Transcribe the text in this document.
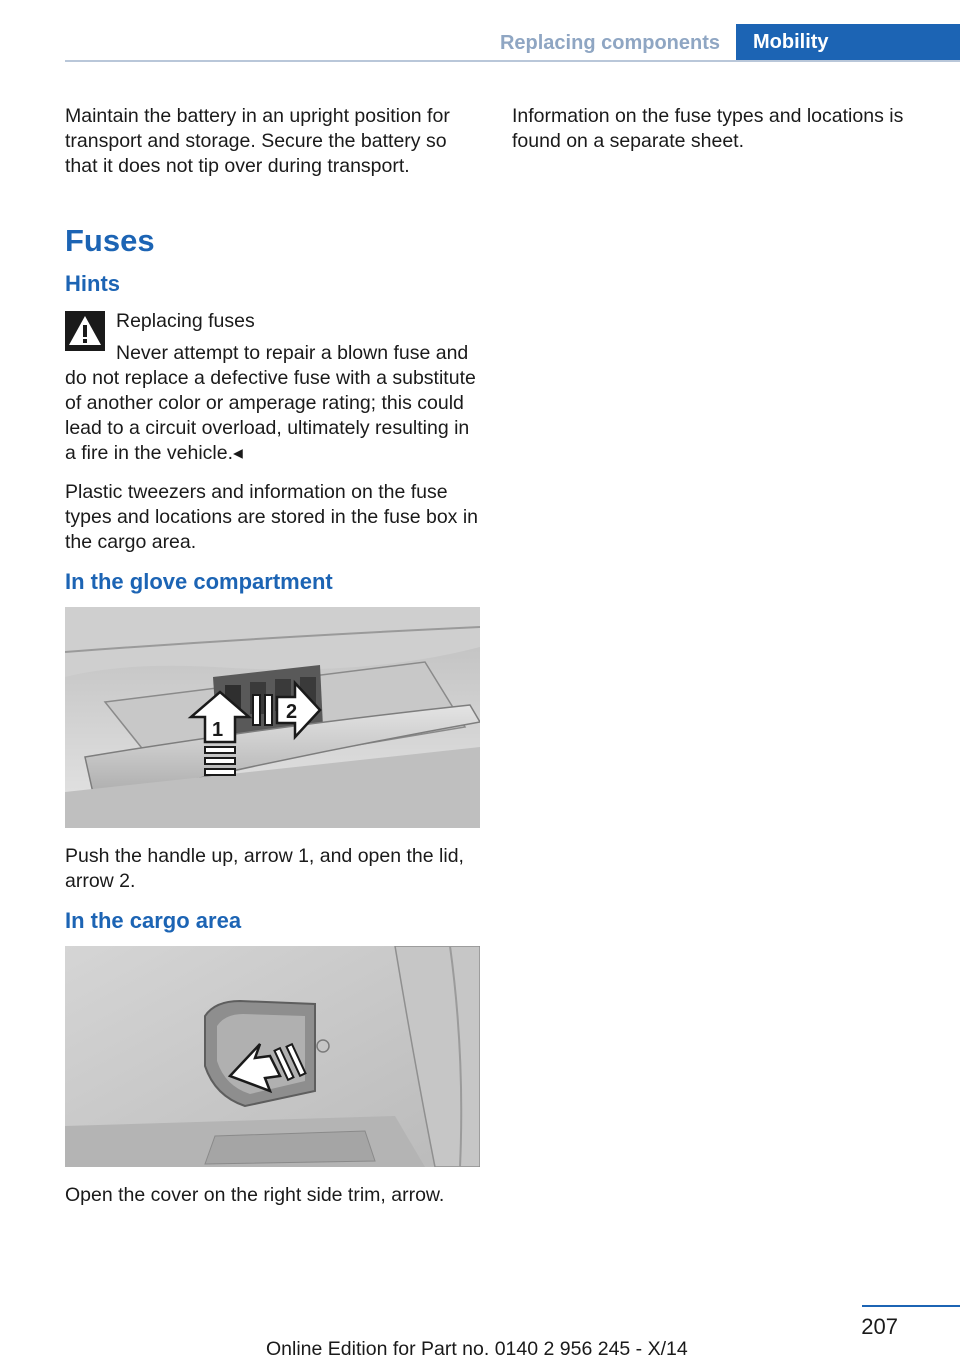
Replacing components	Mobility

Maintain the battery in an upright position for transport and storage. Secure the battery so that it does not tip over during transport.

Fuses
Hints
Replacing fuses
Never attempt to repair a blown fuse and do not replace a defective fuse with a substitute of another color or amperage rating; this could lead to a circuit overload, ultimately resulting in a fire in the vehicle.◂

Plastic tweezers and information on the fuse types and locations are stored in the fuse box in the cargo area.

In the glove compartment
1
2

Push the handle up, arrow 1, and open the lid, arrow 2.

In the cargo area

Open the cover on the right side trim, arrow.

Information on the fuse types and locations is found on a separate sheet.

207
Online Edition for Part no. 0140 2 956 245 - X/14
